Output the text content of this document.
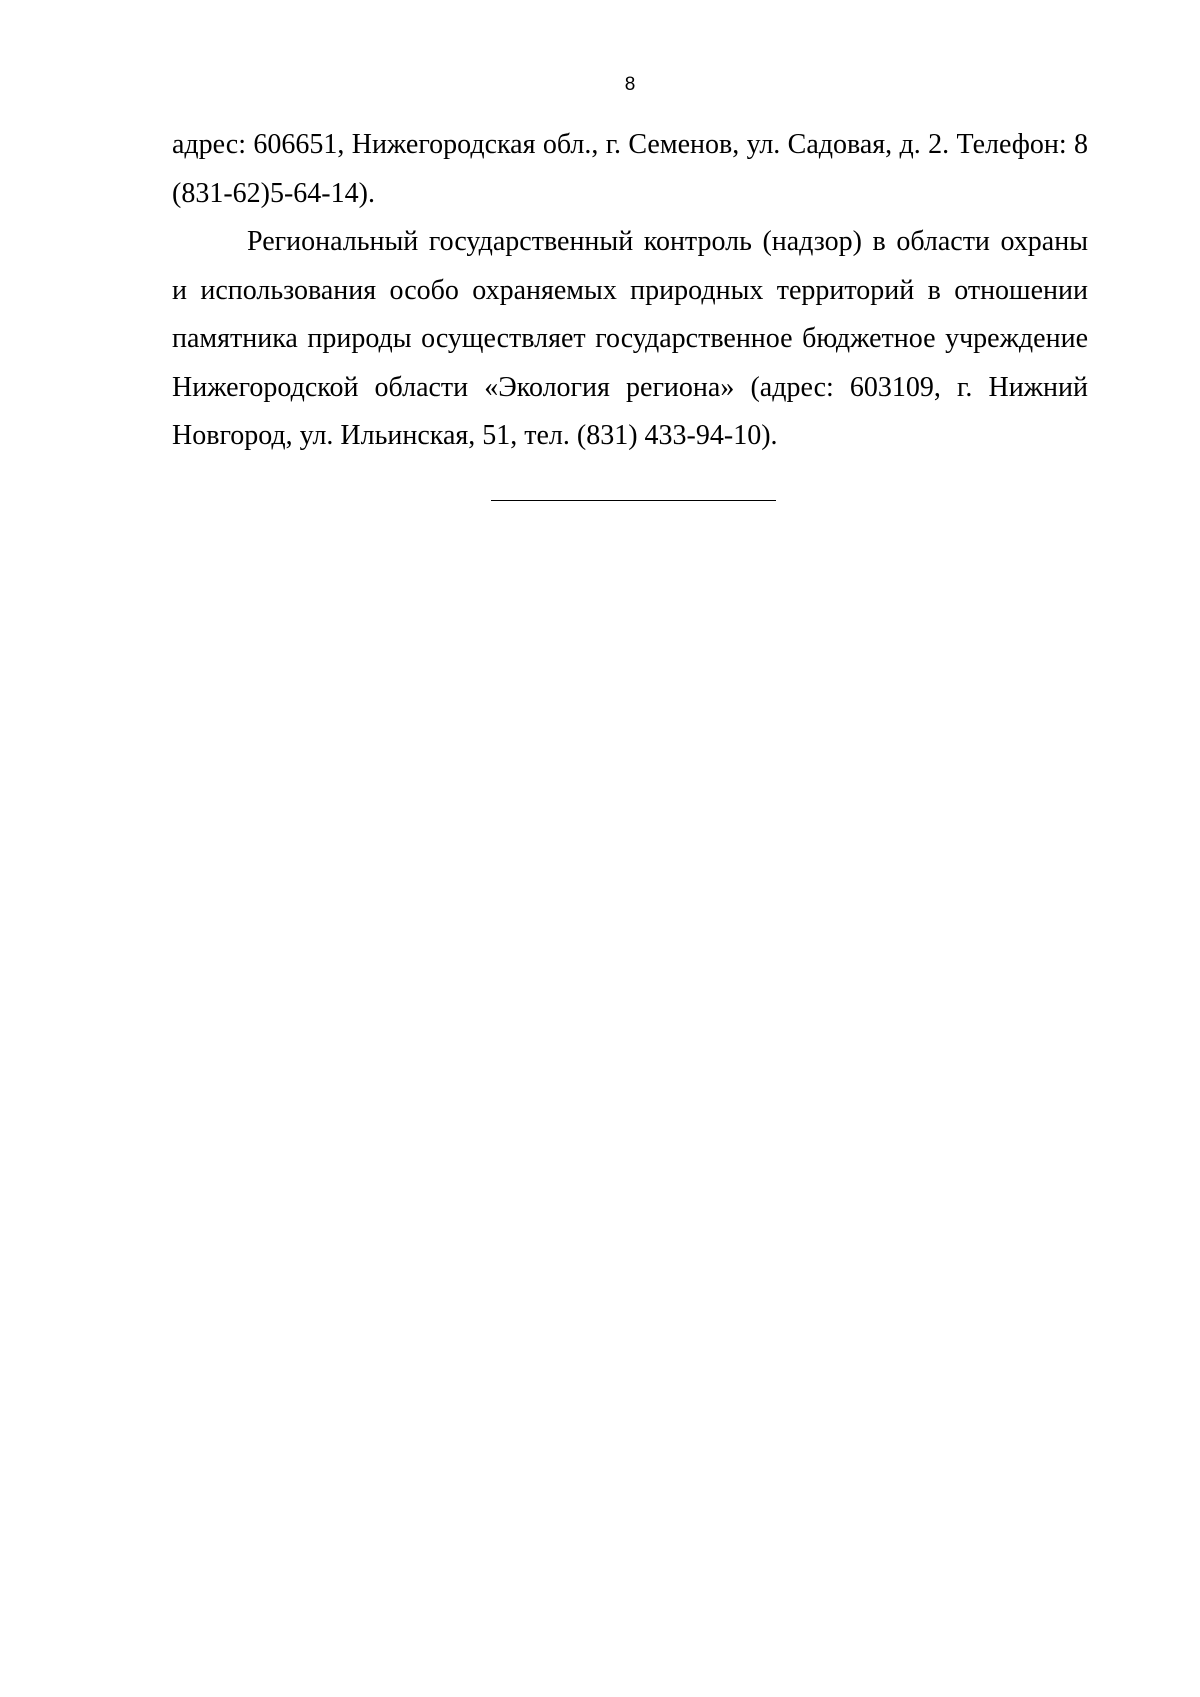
8

адрес: 606651, Нижегородская обл., г. Семенов, ул. Садовая, д. 2. Телефон: 8 (831-62)5-64-14).

Региональный государственный контроль (надзор) в области охраны и использования особо охраняемых природных территорий в отношении памятника природы осуществляет государственное бюджетное учреждение Нижегородской области «Экология региона» (адрес: 603109, г. Нижний Новгород, ул. Ильинская, 51, тел. (831) 433-94-10).
